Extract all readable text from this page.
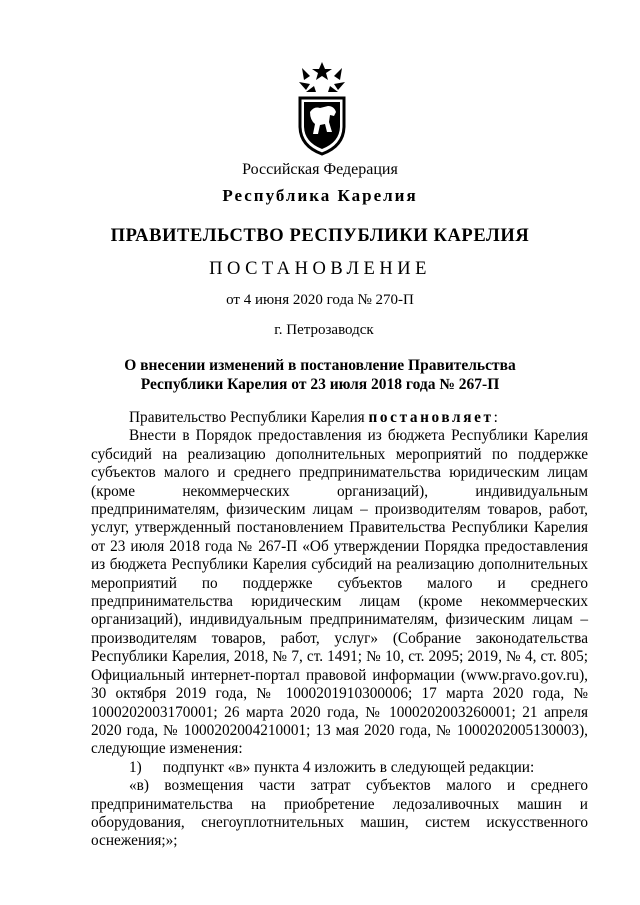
Российская Федерация
Республика Карелия
ПРАВИТЕЛЬСТВО РЕСПУБЛИКИ КАРЕЛИЯ
ПОСТАНОВЛЕНИЕ
от 4 июня 2020 года № 270-П
г. Петрозаводск
О внесении изменений в постановление Правительства
Республики Карелия от 23 июля 2018 года № 267-П

Правительство Республики Карелия постановляет:

Внести в Порядок предоставления из бюджета Республики Карелия субсидий на реализацию дополнительных мероприятий по поддержке субъектов малого и среднего предпринимательства юридическим лицам (кроме некоммерческих организаций), индивидуальным предпринимателям, физическим лицам – производителям товаров, работ, услуг, утвержденный постановлением Правительства Республики Карелия от 23 июля 2018 года № 267-П «Об утверждении Порядка предоставления из бюджета Республики Карелия субсидий на реализацию дополнительных мероприятий по поддержке субъектов малого и среднего предпринимательства юридическим лицам (кроме некоммерческих организаций), индивидуальным предпринимателям, физическим лицам – производителям товаров, работ, услуг» (Собрание законодательства Республики Карелия, 2018, № 7, ст. 1491; № 10, ст. 2095; 2019, № 4, ст. 805; Официальный интернет-портал правовой информации (www.pravo.gov.ru), 30 октября 2019 года, № 1000201910300006; 17 марта 2020 года, № 1000202003170001; 26 марта 2020 года, № 1000202003260001; 21 апреля 2020 года, № 1000202004210001; 13 мая 2020 года, № 1000202005130003), следующие изменения:

1) подпункт «в» пункта 4 изложить в следующей редакции:

«в) возмещения части затрат субъектов малого и среднего предпринимательства на приобретение ледозаливочных машин и оборудования, снегоуплотнительных машин, систем искусственного оснежения;»;
